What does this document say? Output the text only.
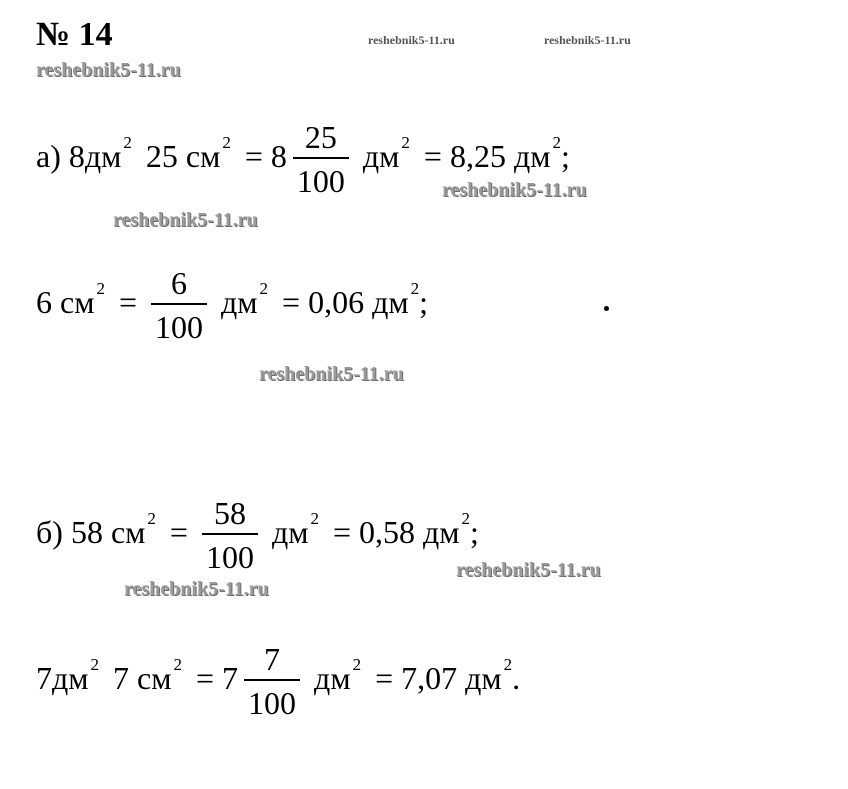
№ 14	reshebnik5-11.ru	reshebnik5-11.ru
reshebnik5-11.ru
reshebnik5-11.ru
reshebnik5-11.ru
reshebnik5-11.ru
reshebnik5-11.ru
reshebnik5-11.ru
а) 8 дм 2 25 см $2 = 8 \frac{25}{100}$ дм 2 = 8,25 дм 2 ;
6 см $2 = \frac{6}{100}$ дм 2 = 0,06 дм 2 ;
б) 58 см $2 = \frac{58}{100}$ дм 2 = 0,58 дм 2 ;
7 дм 2 7 см $2 = 7 \frac{7}{100}$ дм 2 = 7,07 дм 2 .
